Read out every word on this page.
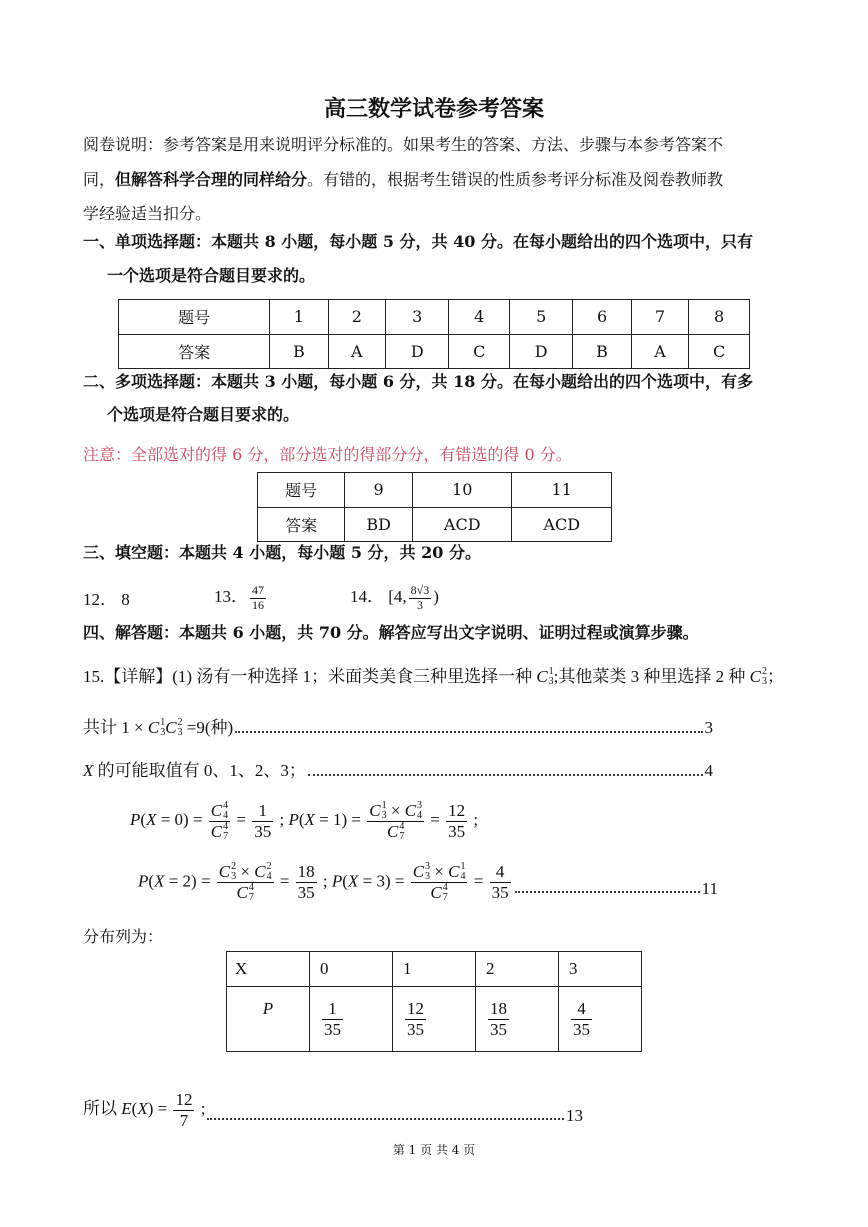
高三数学试卷参考答案
阅卷说明：参考答案是用来说明评分标准的。如果考生的答案、方法、步骤与本参考答案不
同，但解答科学合理的同样给分。有错的，根据考生错误的性质参考评分标准及阅卷教师教
学经验适当扣分。
一、单项选择题：本题共 8 小题，每小题 5 分，共 40 分。在每小题给出的四个选项中，只有
一个选项是符合题目要求的。
题号	1	2	3	4	5	6	7	8
答案	B	A	D	C	D	B	A	C
二、多项选择题：本题共 3 小题，每小题 6 分，共 18 分。在每小题给出的四个选项中，有多
个选项是符合题目要求的。
注意：全部选对的得 6 分，部分选对的得部分分，有错选的得 0 分。
题号	9	10	11
答案	BD	ACD	ACD
三、填空题：本题共 4 小题，每小题 5 分，共 20 分。
12． 8	13． $\frac{47}{16}$	14． [4, $\frac{8√3}{3}$ )
四、解答题：本题共 6 小题，共 70 分。解答应写出文字说明、证明过程或演算步骤。
15.【详解】(1) 汤有一种选择 1；米面类美食三种里选择一种 C 1
3 ;其他菜类 3 种里选择 2 种 C 2
3 ；
共计 1 × C 1
3 C 2
3 =9(种)	3
X 的可能取值有 0、1、2、3；	4
P(X = 0) = C 4
4
C 4
$7 = \frac{1}{35}$ ; P(X = 1) = C 1
3 × C 3
4
C 4
$7 = \frac{12}{35}$ ;
P(X = 2) = C 2
3 × C 2
4
C 4
$7 = \frac{18}{35}$ ; P(X = 3) = C 3
3 × C 1
4
C 4
$7 = \frac{4}{35}$	11
分布列为：
X	0	1	2	3
P	$\frac{1}{35}$	$\frac{12}{35}$	$\frac{18}{35}$	$\frac{4}{35}$
所以 $E(X) = \frac{12}{7}$ ;	13
第 1 页 共 4 页
